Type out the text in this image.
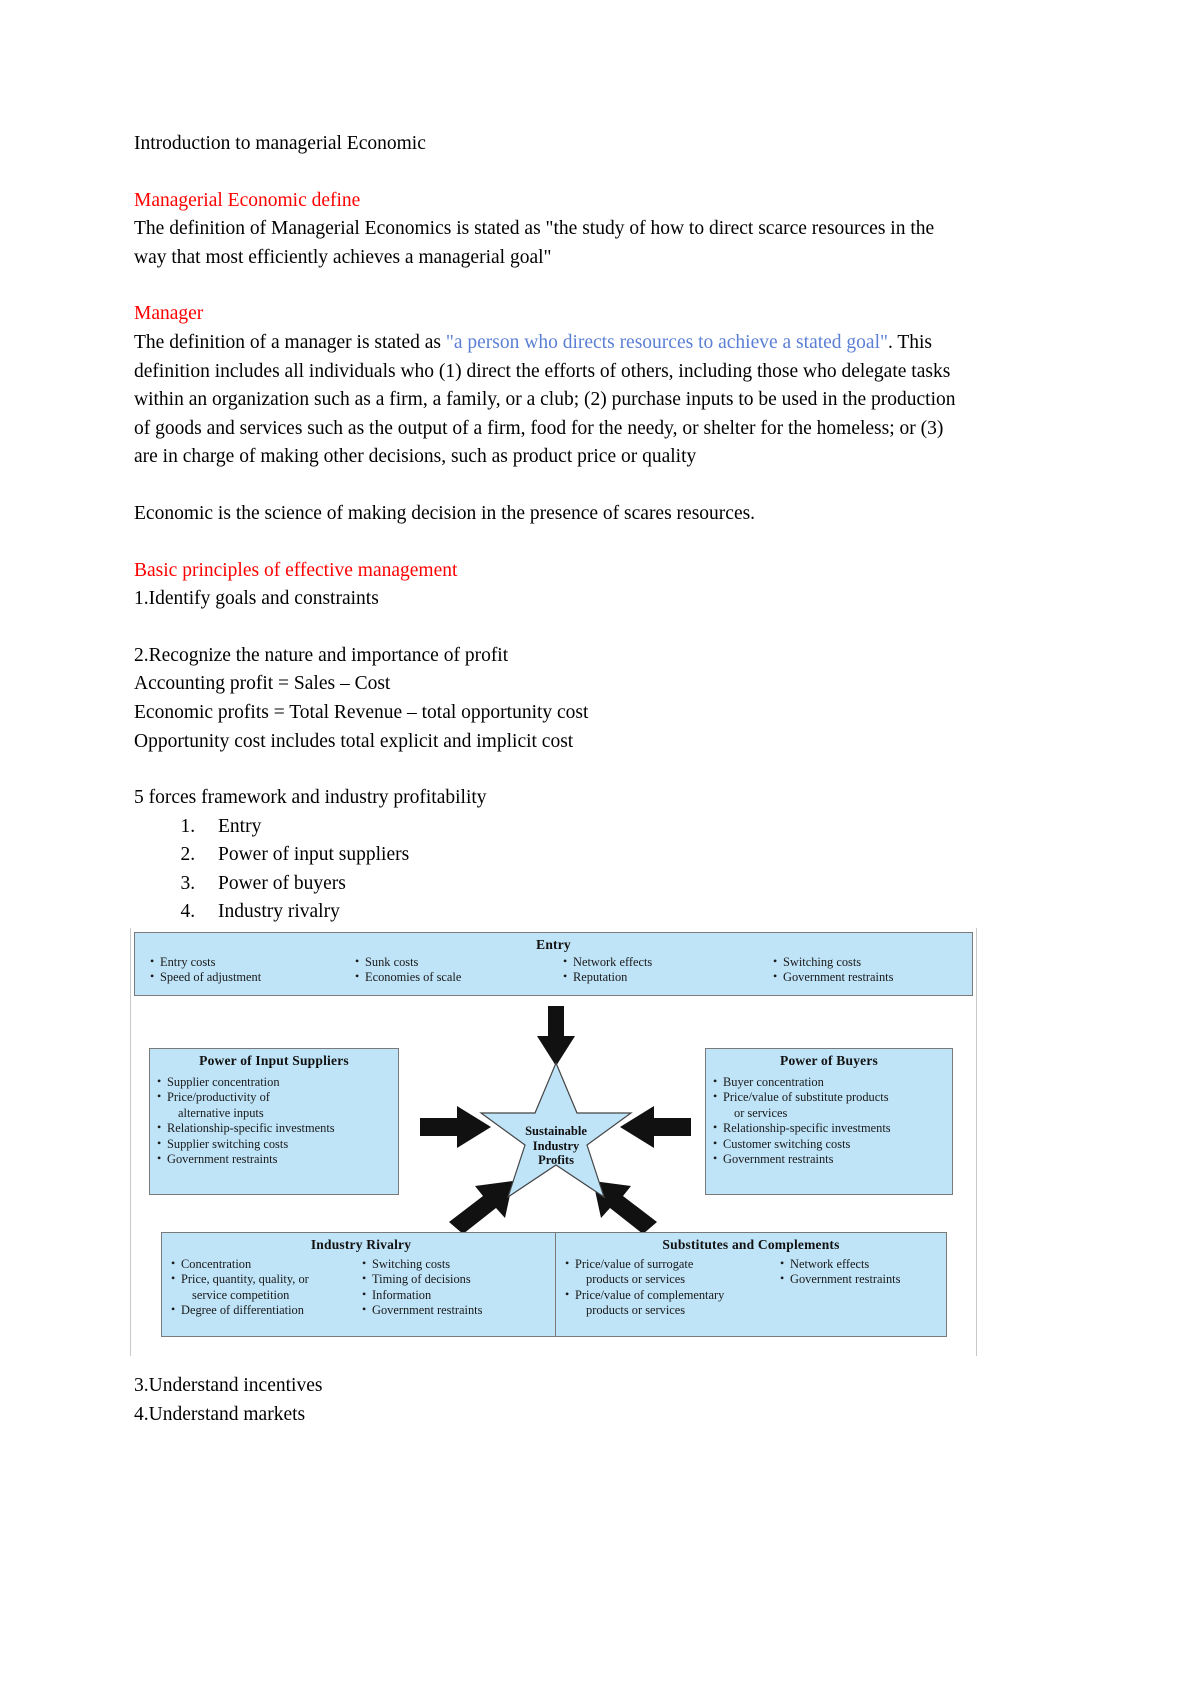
Introduction to managerial Economic

Managerial Economic define

The definition of Managerial Economics is stated as "the study of how to direct scarce resources in the way that most efficiently achieves a managerial goal"

Manager

The definition of a manager is stated as "a person who directs resources to achieve a stated goal". This definition includes all individuals who (1) direct the efforts of others, including those who delegate tasks within an organization such as a firm, a family, or a club; (2) purchase inputs to be used in the production of goods and services such as the output of a firm, food for the needy, or shelter for the homeless; or (3) are in charge of making other decisions, such as product price or quality

Economic is the science of making decision in the presence of scares resources.

Basic principles of effective management

1.Identify goals and constraints

2.Recognize the nature and importance of profit

Accounting profit = Sales – Cost

Economic profits = Total Revenue – total opportunity cost

Opportunity cost includes total explicit and implicit cost

5 forces framework and industry profitability

1. Entry
2. Power of input suppliers
3. Power of buyers
4. Industry rivalry
5.
Sustainable
Industry
Profits
Entry
• Entry costs
• Speed of adjustment
• Sunk costs
• Economies of scale
• Network effects
• Reputation
• Switching costs
• Government restraints
Power of Input Suppliers
• Supplier concentration
• Price/productivity of
alternative inputs
• Relationship-specific investments
• Supplier switching costs
• Government restraints
Power of Buyers
• Buyer concentration
• Price/value of substitute products
or services
• Relationship-specific investments
• Customer switching costs
• Government restraints
Industry Rivalry
• Concentration
• Price, quantity, quality, or
service competition
• Degree of differentiation
• Switching costs
• Timing of decisions
• Information
• Government restraints
Substitutes and Complements
• Price/value of surrogate
products or services
• Price/value of complementary
products or services
• Network effects
• Government restraints

3.Understand incentives

4.Understand markets
